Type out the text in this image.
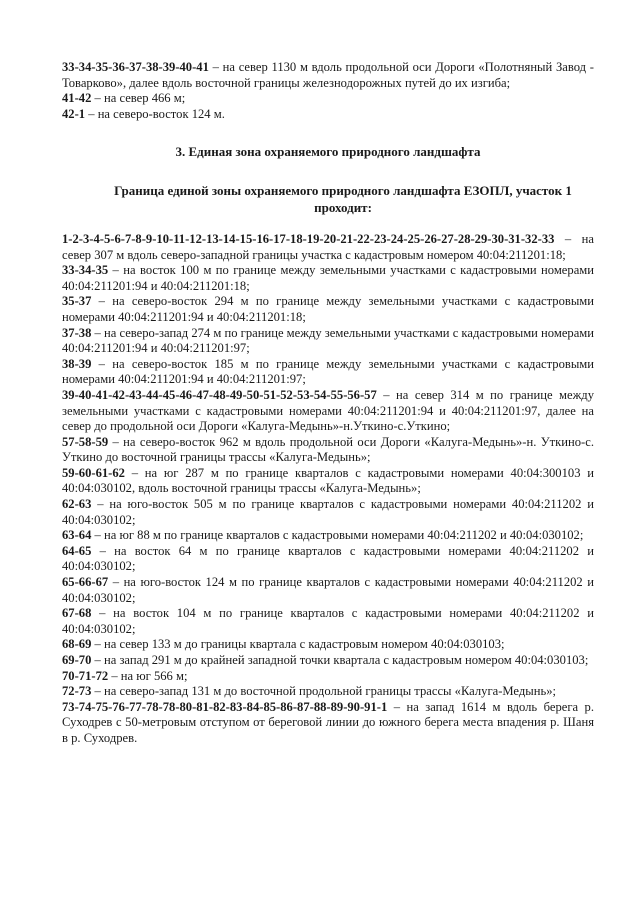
33-34-35-36-37-38-39-40-41 – на север 1130 м вдоль продольной оси Дороги «Полотняный Завод - Товарково», далее вдоль восточной границы железнодорожных путей до их изгиба;

41-42 – на север 466 м;

42-1 – на северо-восток 124 м.

3. Единая зона охраняемого природного ландшафта

Граница единой зоны охраняемого природного ландшафта ЕЗОПЛ, участок 1 проходит:

1-2-3-4-5-6-7-8-9-10-11-12-13-14-15-16-17-18-19-20-21-22-23-24-25-26-27-28-29-30-31-32-33 – на север 307 м вдоль северо-западной границы участка с кадастровым номером 40:04:211201:18;

33-34-35 – на восток 100 м по границе между земельными участками с кадастровыми номерами 40:04:211201:94 и 40:04:211201:18;

35-37 – на северо-восток 294 м по границе между земельными участками с кадастровыми номерами 40:04:211201:94 и 40:04:211201:18;

37-38 – на северо-запад 274 м по границе между земельными участками с кадастровыми номерами 40:04:211201:94 и 40:04:211201:97;

38-39 – на северо-восток 185 м по границе между земельными участками с кадастровыми номерами 40:04:211201:94 и 40:04:211201:97;

39-40-41-42-43-44-45-46-47-48-49-50-51-52-53-54-55-56-57 – на север 314 м по границе между земельными участками с кадастровыми номерами 40:04:211201:94 и 40:04:211201:97, далее на север до продольной оси Дороги «Калуга-Медынь»-н.Уткино-с.Уткино;

57-58-59 – на северо-восток 962 м вдоль продольной оси Дороги «Калуга-Медынь»-н. Уткино-с. Уткино до восточной границы трассы «Калуга-Медынь»;

59-60-61-62 – на юг 287 м по границе кварталов с кадастровыми номерами 40:04:300103 и 40:04:030102, вдоль восточной границы трассы «Калуга-Медынь»;

62-63 – на юго-восток 505 м по границе кварталов с кадастровыми номерами 40:04:211202 и 40:04:030102;

63-64 – на юг 88 м по границе кварталов с кадастровыми номерами 40:04:211202 и 40:04:030102;

64-65 – на восток 64 м по границе кварталов с кадастровыми номерами 40:04:211202 и 40:04:030102;

65-66-67 – на юго-восток 124 м по границе кварталов с кадастровыми номерами 40:04:211202 и 40:04:030102;

67-68 – на восток 104 м по границе кварталов с кадастровыми номерами 40:04:211202 и 40:04:030102;

68-69 – на север 133 м до границы квартала с кадастровым номером 40:04:030103;

69-70 – на запад 291 м до крайней западной точки квартала с кадастровым номером 40:04:030103;

70-71-72 – на юг 566 м;

72-73 – на северо-запад 131 м до восточной продольной границы трассы «Калуга-Медынь»;

73-74-75-76-77-78-78-80-81-82-83-84-85-86-87-88-89-90-91-1 – на запад 1614 м вдоль берега р. Суходрев с 50-метровым отступом от береговой линии до южного берега места впадения р. Шаня в р. Суходрев.
